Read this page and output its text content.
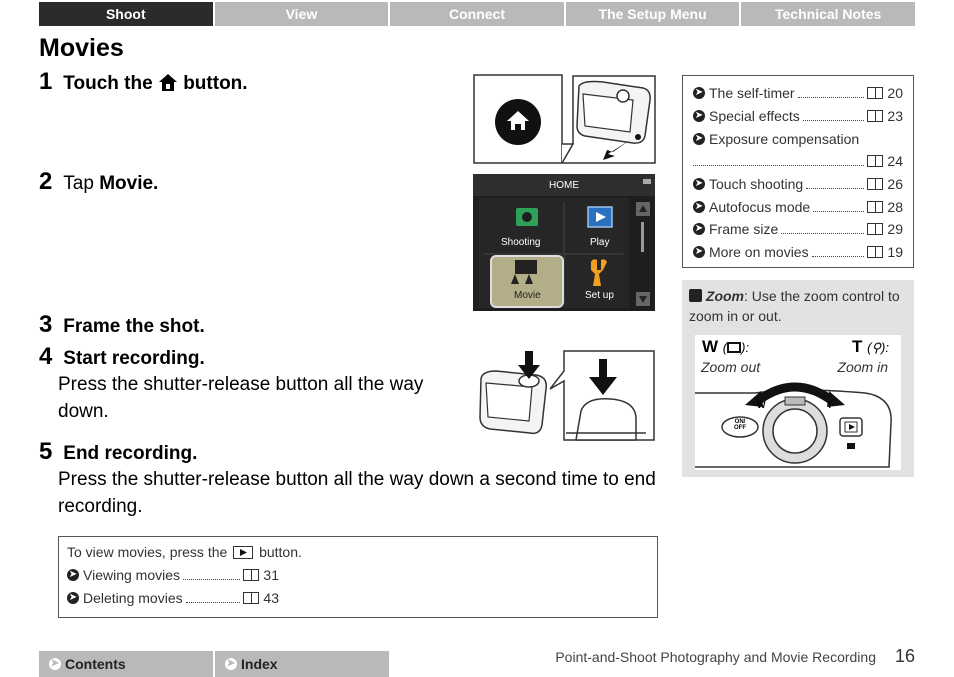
Shoot	View	Connect	The Setup Menu	Technical Notes
Movies
1 Touch the button.
2 Tap Movie.
3 Frame the shot.
4 Start recording.
Press the shutter-release button all the way down.
5 End recording.
Press the shutter-release button all the way down a second time to end recording.
HOME
Shooting	Play
Movie	Set up
➤ The self-timer	20
➤ Special effects	23
➤ Exposure compensation
24
➤ Touch shooting	26
➤ Autofocus mode	28
➤ Frame size	29
➤ More on movies	19
Zoom: Use the zoom control to zoom in or out.
W ( ):
Zoom out
T (⚲):
Zoom in
W	T
ON/ OFF
To view movies, press the button.
➤ Viewing movies	31
➤ Deleting movies	43
➤ Contents	➤ Index	Point-and-Shoot Photography and Movie Recording 16
